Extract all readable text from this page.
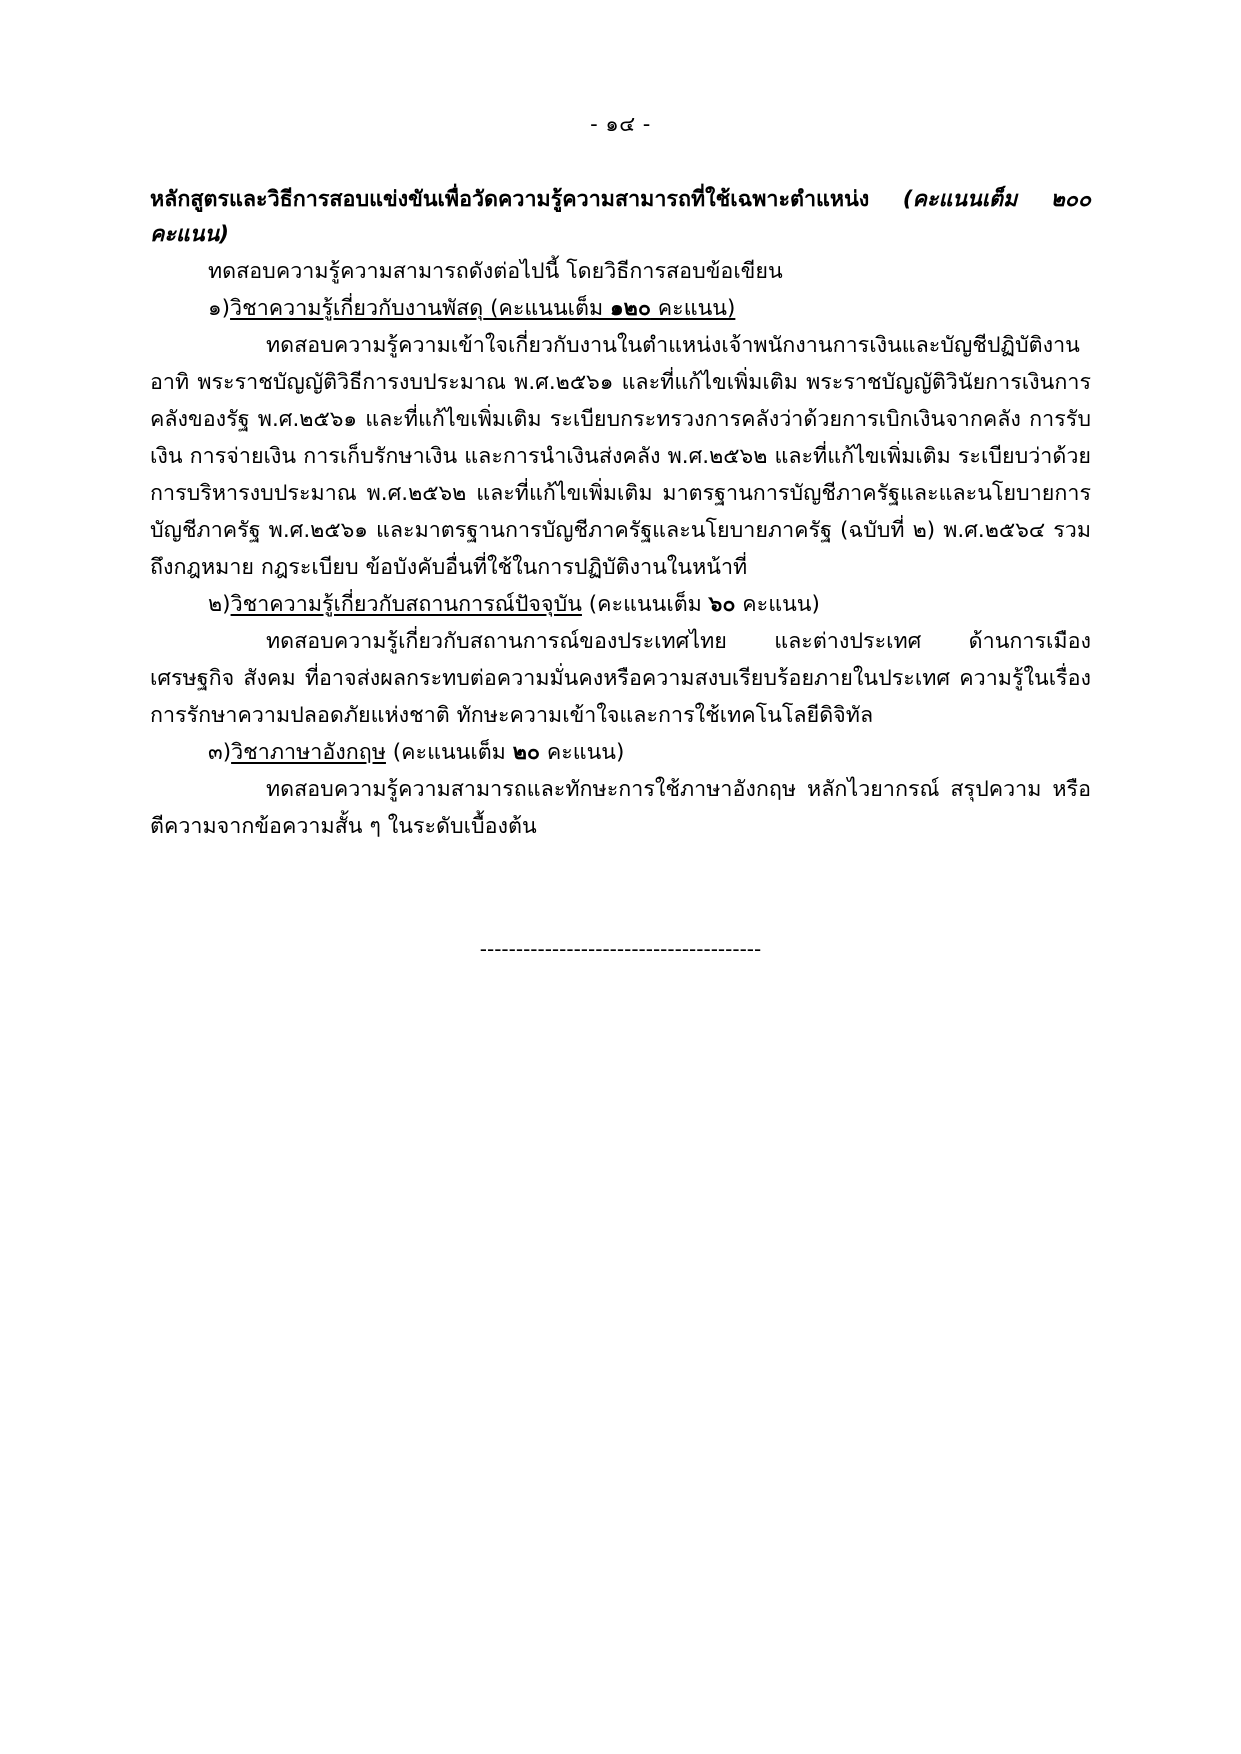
- ๑๔ -

หลักสูตรและวิธีการสอบแข่งขันเพื่อวัดความรู้ความสามารถที่ใช้เฉพาะตำแหน่ง (คะแนนเต็ม ๒๐๐ คะแนน)

ทดสอบความรู้ความสามารถดังต่อไปนี้ โดยวิธีการสอบข้อเขียน

๑)วิชาความรู้เกี่ยวกับงานพัสดุ (คะแนนเต็ม ๑๒๐ คะแนน)

ทดสอบความรู้ความเข้าใจเกี่ยวกับงานในตำแหน่งเจ้าพนักงานการเงินและบัญชีปฏิบัติงาน อาทิ พระราชบัญญัติวิธีการงบประมาณ พ.ศ.๒๕๖๑ และที่แก้ไขเพิ่มเติม พระราชบัญญัติวินัยการเงินการคลังของรัฐ พ.ศ.๒๕๖๑ และที่แก้ไขเพิ่มเติม ระเบียบกระทรวงการคลังว่าด้วยการเบิกเงินจากคลัง การรับเงิน การจ่ายเงิน การเก็บรักษาเงิน และการนำเงินส่งคลัง พ.ศ.๒๕๖๒ และที่แก้ไขเพิ่มเติม ระเบียบว่าด้วยการบริหารงบประมาณ พ.ศ.๒๕๖๒ และที่แก้ไขเพิ่มเติม มาตรฐานการบัญชีภาครัฐและและนโยบายการบัญชีภาครัฐ พ.ศ.๒๕๖๑ และมาตรฐานการบัญชีภาครัฐและนโยบายภาครัฐ (ฉบับที่ ๒) พ.ศ.๒๕๖๔ รวมถึงกฎหมาย กฎระเบียบ ข้อบังคับอื่นที่ใช้ในการปฏิบัติงานในหน้าที่

๒)วิชาความรู้เกี่ยวกับสถานการณ์ปัจจุบัน (คะแนนเต็ม ๖๐ คะแนน)

ทดสอบความรู้เกี่ยวกับสถานการณ์ของประเทศไทย และต่างประเทศ ด้านการเมือง เศรษฐกิจ สังคม ที่อาจส่งผลกระทบต่อความมั่นคงหรือความสงบเรียบร้อยภายในประเทศ ความรู้ในเรื่องการรักษาความปลอดภัยแห่งชาติ ทักษะความเข้าใจและการใช้เทคโนโลยีดิจิทัล

๓)วิชาภาษาอังกฤษ (คะแนนเต็ม ๒๐ คะแนน)

ทดสอบความรู้ความสามารถและทักษะการใช้ภาษาอังกฤษ หลักไวยากรณ์ สรุปความ หรือตีความจากข้อความสั้น ๆ ในระดับเบื้องต้น

---------------------------------------
